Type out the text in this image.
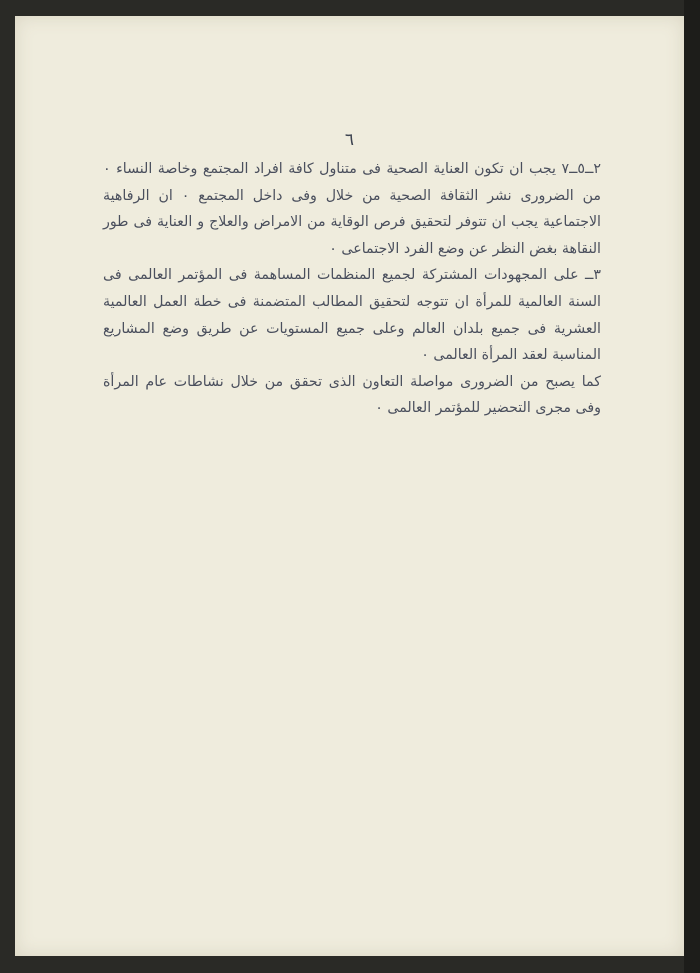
٦

٢ــ٥ــ٧ يجب ان تكون العناية الصحية فى متناول كافة افراد المجتمع وخاصة النساء ٠ من الضرورى نشر الثقافة الصحية من خلال وفى داخل المجتمع ٠ ان الرفاهية الاجتماعية يجب ان تتوفر لتحقيق فرص الوقاية من الامراض والعلاج و العناية فى طور النقاهة بغض النظر عن وضع الفرد الاجتماعى ٠

٣ــ على المجهودات المشتركة لجميع المنظمات المساهمة فى المؤتمر العالمى فى السنة العالمية للمرأة ان تتوجه لتحقيق المطالب المتضمنة فى خطة العمل العالمية العشرية فى جميع بلدان العالم وعلى جميع المستويات عن طريق وضع المشاريع المناسبة لعقد المرأة العالمى ٠

كما يصبح من الضرورى مواصلة التعاون الذى تحقق من خلال نشاطات عام المرأة وفى مجرى التحضير للمؤتمر العالمى ٠
